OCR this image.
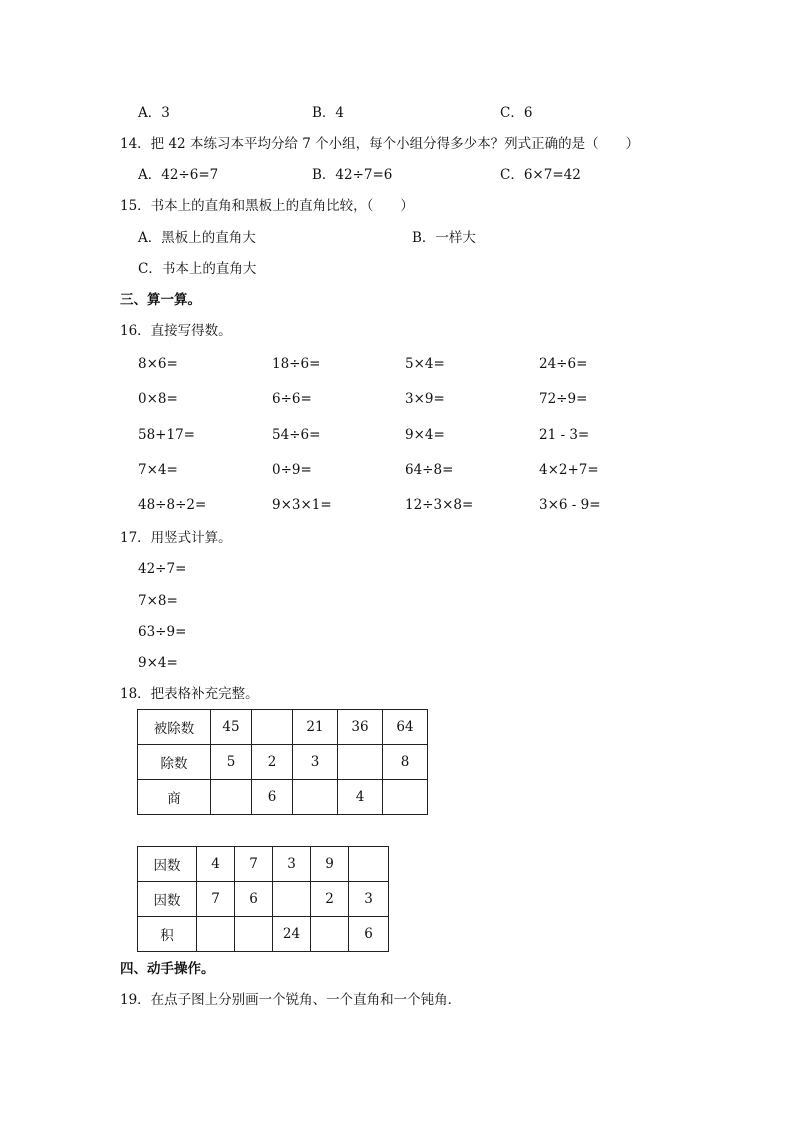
A．3	B．4	C．6
14．把 42 本练习本平均分给 7 个小组，每个小组分得多少本？列式正确的是（　　）
A．42÷6=7	B．42÷7=6	C．6×7=42
15．书本上的直角和黑板上的直角比较，（　　）
A．黑板上的直角大	B．一样大
C．书本上的直角大
三、算一算。
16．直接写得数。
8×6=	18÷6=	5×4=	24÷6=
0×8=	6÷6=	3×9=	72÷9=
58+17=	54÷6=	9×4=	21 - 3=
7×4=	0÷9=	64÷8=	4×2+7=
48÷8÷2=	9×3×1=	12÷3×8=	3×6 - 9=
17．用竖式计算。
42÷7=
7×8=
63÷9=
9×4=
18．把表格补充完整。
被除数	45		21	36	64
除数	5	2	3		8
商		6		4	
因数	4	7	3	9	
因数	7	6		2	3
积			24		6
四、动手操作。
19．在点子图上分别画一个锐角、一个直角和一个钝角．
